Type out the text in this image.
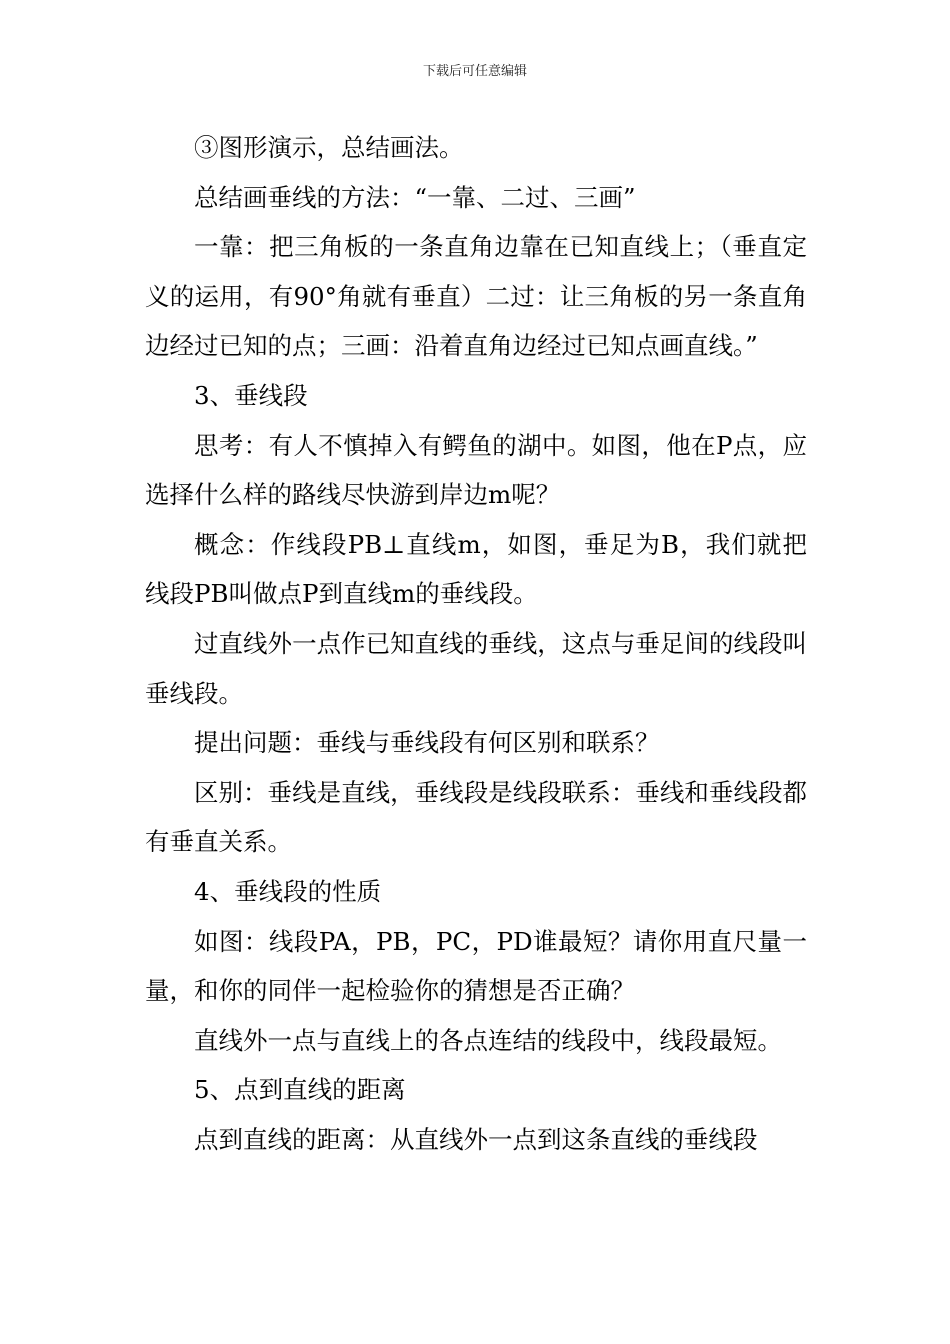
下载后可任意编辑

③图形演示，总结画法。

总结画垂线的方法：“一靠、二过、三画”

一靠：把三角板的一条直角边靠在已知直线上；（垂直定义的运用，有90°角就有垂直）二过：让三角板的另一条直角边经过已知的点；三画：沿着直角边经过已知点画直线。”

3、垂线段

思考：有人不慎掉入有鳄鱼的湖中。如图，他在P点，应选择什么样的路线尽快游到岸边m呢？

概念：作线段PB⊥直线m，如图，垂足为B，我们就把线段PB叫做点P到直线m的垂线段。

过直线外一点作已知直线的垂线，这点与垂足间的线段叫垂线段。

提出问题：垂线与垂线段有何区别和联系？

区别：垂线是直线，垂线段是线段联系：垂线和垂线段都有垂直关系。

4、垂线段的性质

如图：线段PA，PB，PC，PD谁最短？请你用直尺量一量，和你的同伴一起检验你的猜想是否正确？

直线外一点与直线上的各点连结的线段中，线段最短。

5、点到直线的距离

点到直线的距离：从直线外一点到这条直线的垂线段
